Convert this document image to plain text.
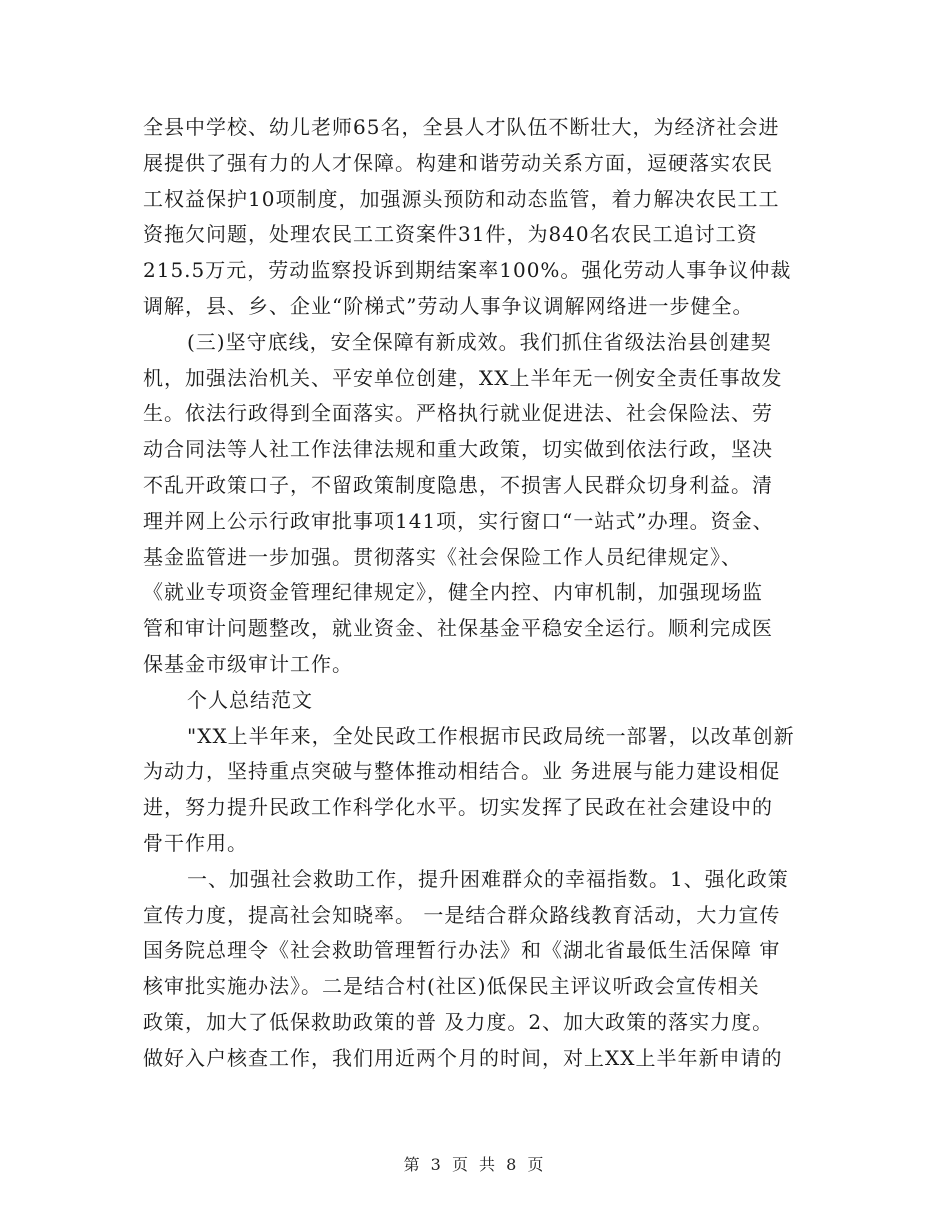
全县中学校、幼儿老师65名，全县人才队伍不断壮大，为经济社会进
展提供了强有力的人才保障。构建和谐劳动关系方面，逗硬落实农民
工权益保护10项制度，加强源头预防和动态监管，着力解决农民工工
资拖欠问题，处理农民工工资案件31件，为840名农民工追讨工资
215.5万元，劳动监察投诉到期结案率100%。强化劳动人事争议仲裁
调解，县、乡、企业“阶梯式”劳动人事争议调解网络进一步健全。
(三)坚守底线，安全保障有新成效。我们抓住省级法治县创建契
机，加强法治机关、平安单位创建，XX上半年无一例安全责任事故发
生。依法行政得到全面落实。严格执行就业促进法、社会保险法、劳
动合同法等人社工作法律法规和重大政策，切实做到依法行政，坚决
不乱开政策口子，不留政策制度隐患，不损害人民群众切身利益。清
理并网上公示行政审批事项141项，实行窗口“一站式”办理。资金、
基金监管进一步加强。贯彻落实《社会保险工作人员纪律规定》、
《就业专项资金管理纪律规定》，健全内控、内审机制，加强现场监
管和审计问题整改，就业资金、社保基金平稳安全运行。顺利完成医
保基金市级审计工作。
个人总结范文
"XX上半年来，全处民政工作根据市民政局统一部署，以改革创新
为动力，坚持重点突破与整体推动相结合。业 务进展与能力建设相促
进，努力提升民政工作科学化水平。切实发挥了民政在社会建设中的
骨干作用。
一、加强社会救助工作，提升困难群众的幸福指数。1、强化政策
宣传力度，提高社会知晓率。 一是结合群众路线教育活动，大力宣传
国务院总理令《社会救助管理暂行办法》和《湖北省最低生活保障 审
核审批实施办法》。二是结合村(社区)低保民主评议听政会宣传相关
政策，加大了低保救助政策的普 及力度。2、加大政策的落实力度。
做好入户核查工作，我们用近两个月的时间，对上XX上半年新申请的
第 3 页 共 8 页
